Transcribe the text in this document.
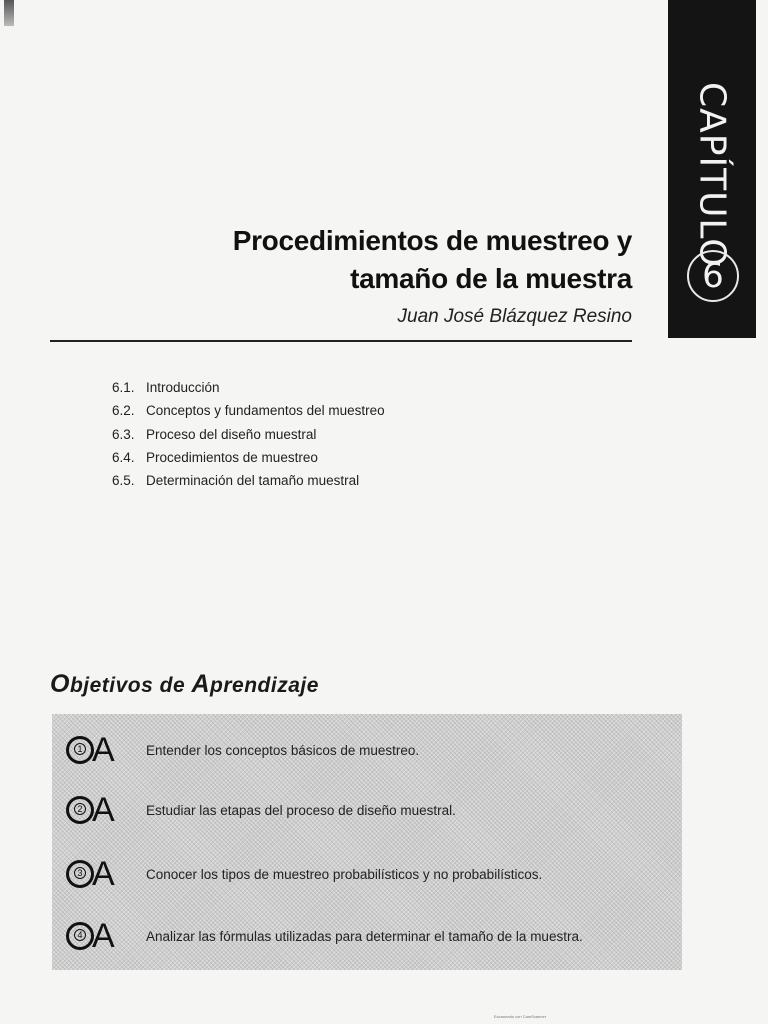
CAPÍTULO
6
Procedimientos de muestreo y
tamaño de la muestra
Juan José Blázquez Resino
6.1. Introducción
6.2. Conceptos y fundamentos del muestreo
6.3. Proceso del diseño muestral
6.4. Procedimientos de muestreo
6.5. Determinación del tamaño muestral
Objetivos de Aprendizaje
1 A Entender los conceptos básicos de muestreo.
2 A Estudiar las etapas del proceso de diseño muestral.
3 A Conocer los tipos de muestreo probabilísticos y no probabilísticos.
4 A Analizar las fórmulas utilizadas para determinar el tamaño de la muestra.
Escaneado con CamScanner
